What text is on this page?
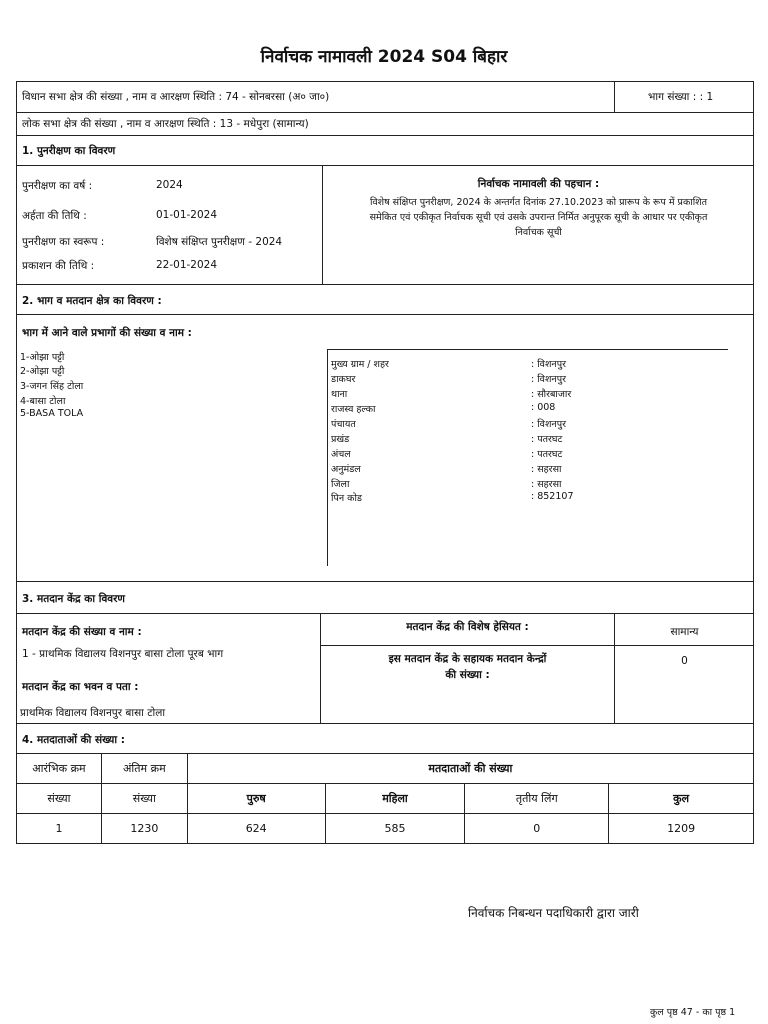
निर्वाचक नामावली 2024 S04 बिहार
विधान सभा क्षेत्र की संख्या , नाम व आरक्षण स्थिति : 74 - सोनबरसा (अ० जा०)	भाग संख्या : : 1
लोक सभा क्षेत्र की संख्या , नाम व आरक्षण स्थिति : 13 - मधेपुरा (सामान्य)
1. पुनरीक्षण का विवरण
पुनरीक्षण का वर्ष :	2024
अर्हता की तिथि :	01-01-2024
पुनरीक्षण का स्वरूप :	विशेष संक्षिप्त पुनरीक्षण - 2024
प्रकाशन की तिथि :	22-01-2024
निर्वाचक नामावली की पहचान :
विशेष संक्षिप्त पुनरीक्षण, 2024 के अन्तर्गत दिनांक 27.10.2023 को प्रारूप के रूप में प्रकाशित
समेकित एवं एकीकृत निर्वाचक सूची एवं उसके उपरान्त निर्मित अनुपूरक सूची के आधार पर एकीकृत
निर्वाचक सूची
2. भाग व मतदान क्षेत्र का विवरण :
भाग में आने वाले प्रभागों की संख्या व नाम :
1-ओझा पट्टी
2-ओझा पट्टी
3-जगन सिंह टोला
4-बासा टोला
5-BASA TOLA
मुख्य ग्राम / शहर	: विशनपुर
डाकघर	: विशनपुर
थाना	: सौरबाजार
राजस्व हल्का	: 008
पंचायत	: विशनपुर
प्रखंड	: पतरघट
अंचल	: पतरघट
अनुमंडल	: सहरसा
जिला	: सहरसा
पिन कोड	: 852107
3. मतदान केंद्र का विवरण
मतदान केंद्र की संख्या व नाम :
1 - प्राथमिक विद्यालय विशनपुर बासा टोला पूरब भाग
मतदान केंद्र का भवन व पता :
प्राथमिक विद्यालय विशनपुर बासा टोला
मतदान केंद्र की विशेष हेसियत :	सामान्य
इस मतदान केंद्र के सहायक मतदान केन्द्रों
की संख्या :
0
4. मतदाताओं की संख्या :
आरंभिक क्रम	अंतिम क्रम	मतदाताओं की संख्या			
संख्या	संख्या	पुरुष	महिला	तृतीय लिंग	कुल
1	1230	624	585	0	1209
निर्वाचक निबन्धन पदाधिकारी द्वारा जारी
कुल पृष्ठ 47 - का पृष्ठ 1
